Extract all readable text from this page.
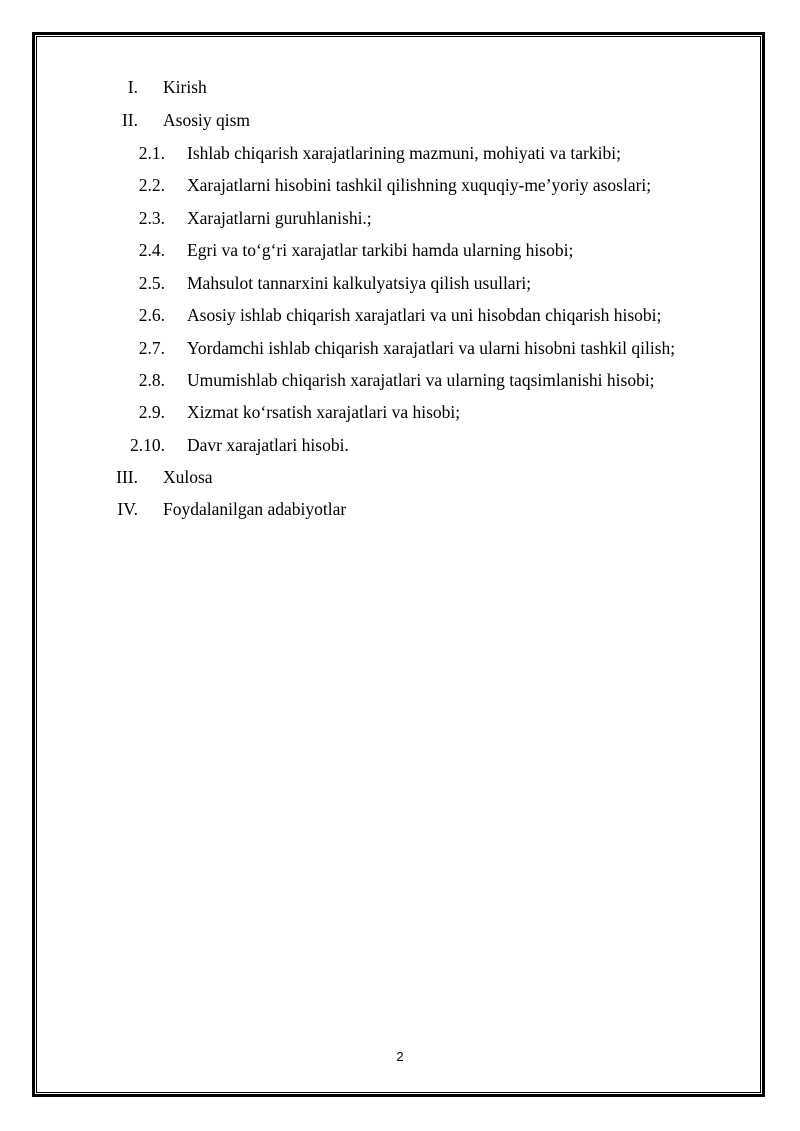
I. Kirish
II. Asosiy qism
2.1. Ishlab chiqarish xarajatlarining mazmuni, mohiyati va tarkibi;
2.2. Xarajatlarni hisobini tashkil qilishning xuquqiy-me’yoriy asoslari;
2.3. Xarajatlarni guruhlanishi.;
2.4. Egri va to‘g‘ri xarajatlar tarkibi hamda ularning hisobi;
2.5. Mahsulot tannarxini kalkulyatsiya qilish usullari;
2.6. Asosiy ishlab chiqarish xarajatlari va uni hisobdan chiqarish hisobi;
2.7. Yordamchi ishlab chiqarish xarajatlari va ularni hisobni tashkil qilish;
2.8. Umumishlab chiqarish xarajatlari va ularning taqsimlanishi hisobi;
2.9. Xizmat ko‘rsatish xarajatlari va hisobi;
2.10. Davr xarajatlari hisobi.
III. Xulosa
IV. Foydalanilgan adabiyotlar
2
